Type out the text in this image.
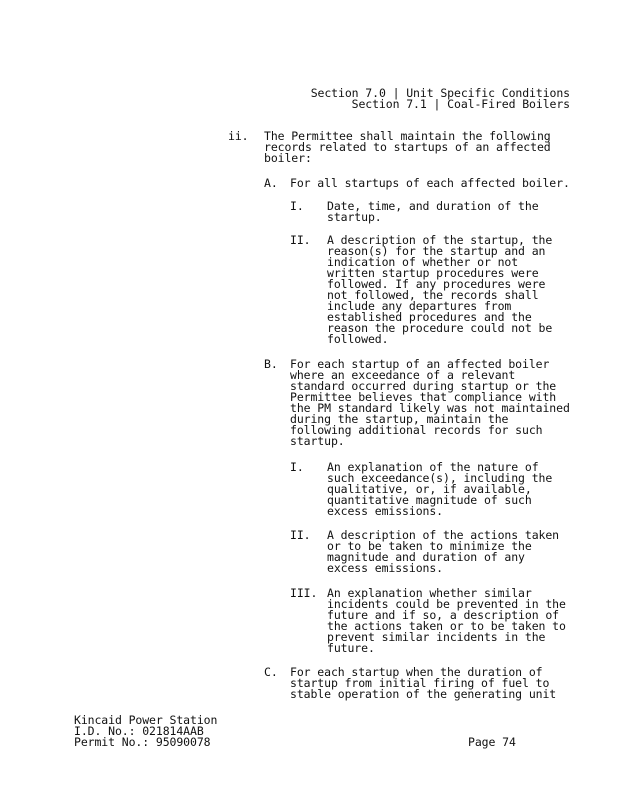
Section 7.0 | Unit Specific Conditions
Section 7.1 | Coal-Fired Boilers
ii. The Permittee shall maintain the following
records related to startups of an affected
boiler:
A. For all startups of each affected boiler.
I. Date, time, and duration of the
startup.
II. A description of the startup, the
reason(s) for the startup and an
indication of whether or not
written startup procedures were
followed. If any procedures were
not followed, the records shall
include any departures from
established procedures and the
reason the procedure could not be
followed.
B. For each startup of an affected boiler
where an exceedance of a relevant
standard occurred during startup or the
Permittee believes that compliance with
the PM standard likely was not maintained
during the startup, maintain the
following additional records for such
startup.
I. An explanation of the nature of
such exceedance(s), including the
qualitative, or, if available,
quantitative magnitude of such
excess emissions.
II. A description of the actions taken
or to be taken to minimize the
magnitude and duration of any
excess emissions.
III. An explanation whether similar
incidents could be prevented in the
future and if so, a description of
the actions taken or to be taken to
prevent similar incidents in the
future.
C. For each startup when the duration of
startup from initial firing of fuel to
stable operation of the generating unit
Kincaid Power Station
I.D. No.: 021814AAB
Permit No.: 95090078	Page 74
